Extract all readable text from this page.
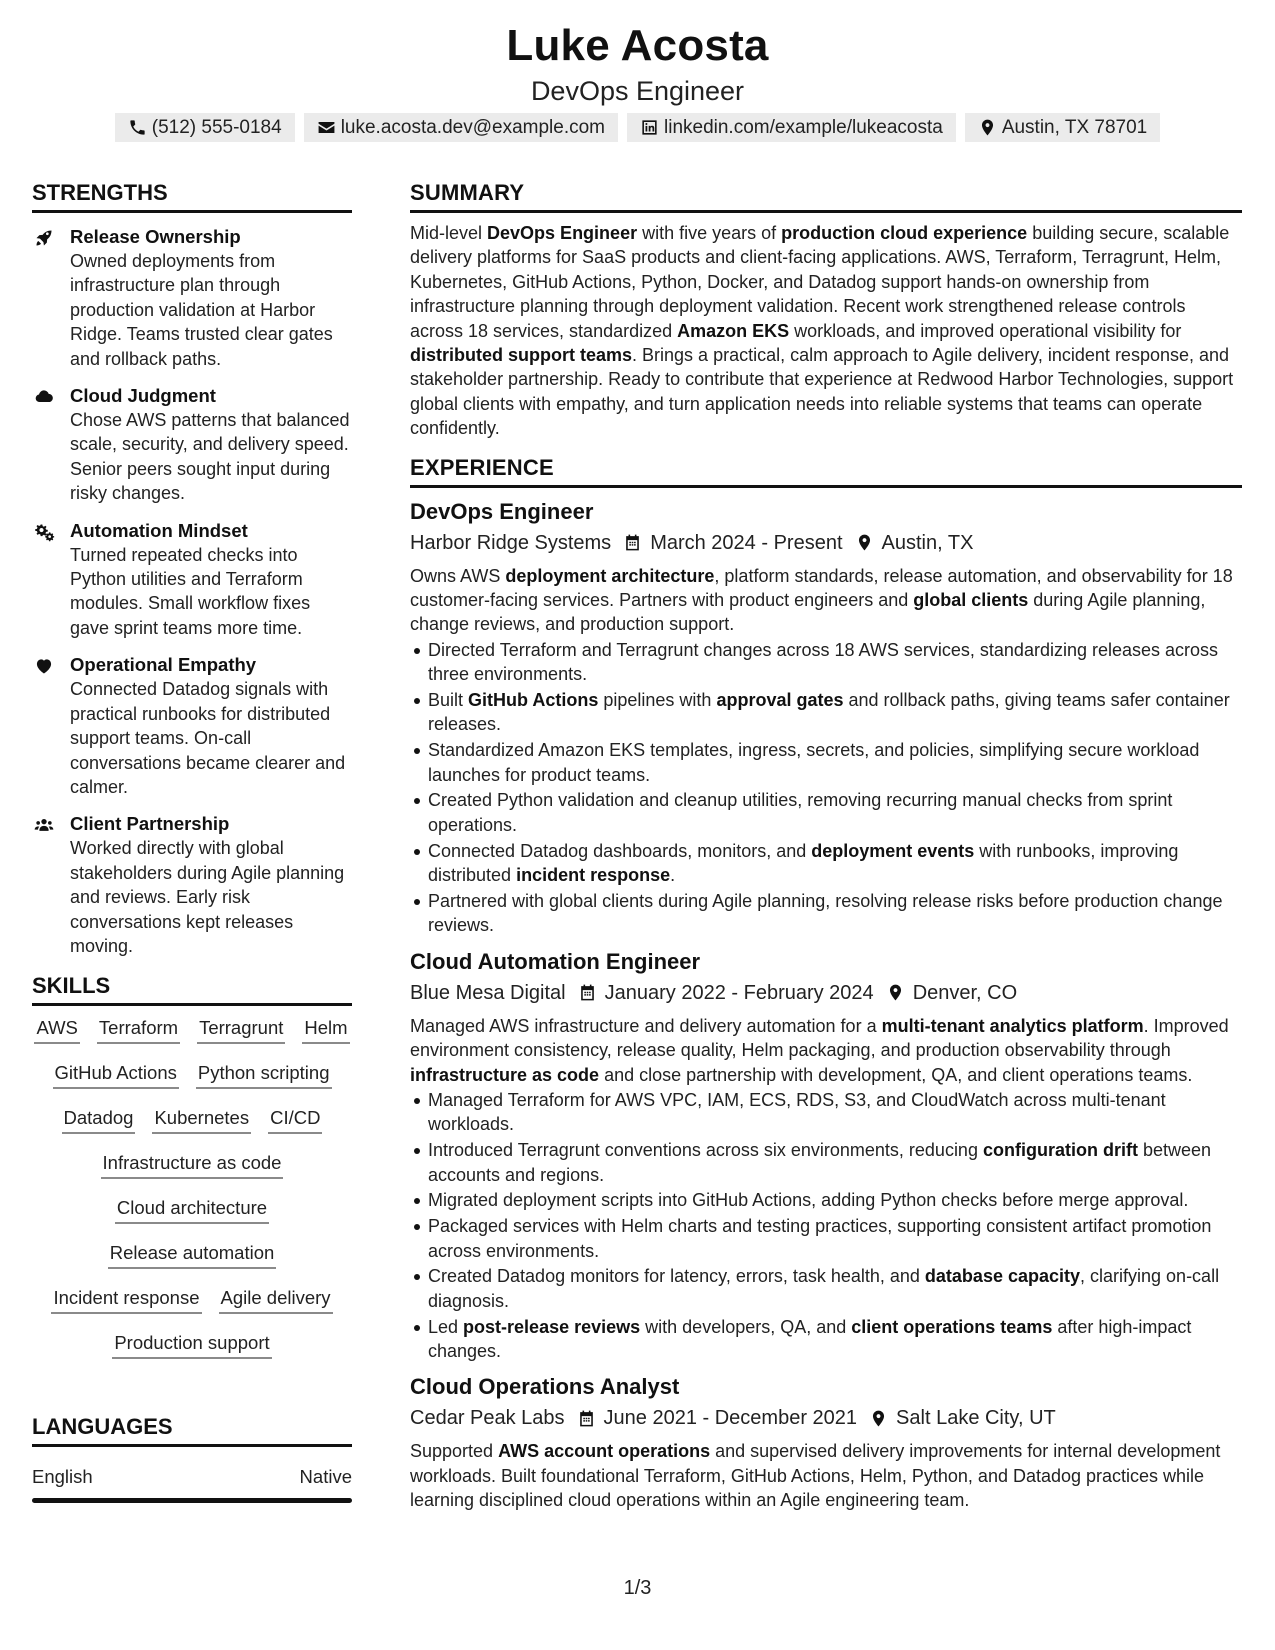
Luke Acosta
DevOps Engineer
(512) 555-0184	luke.acosta.dev@example.com	linkedin.com/example/lukeacosta	Austin, TX 78701
STRENGTHS
Release Ownership
Owned deployments from infrastructure plan through production validation at Harbor Ridge. Teams trusted clear gates and rollback paths.
Cloud Judgment
Chose AWS patterns that balanced scale, security, and delivery speed. Senior peers sought input during risky changes.
Automation Mindset
Turned repeated checks into Python utilities and Terraform modules. Small workflow fixes gave sprint teams more time.
Operational Empathy
Connected Datadog signals with practical runbooks for distributed support teams. On-call conversations became clearer and calmer.
Client Partnership
Worked directly with global stakeholders during Agile planning and reviews. Early risk conversations kept releases moving.
SKILLS
AWS Terraform Terragrunt Helm
GitHub Actions Python scripting
Datadog Kubernetes CI/CD
Infrastructure as code
Cloud architecture
Release automation
Incident response Agile delivery
Production support
LANGUAGES
English	Native
SUMMARY
Mid-level DevOps Engineer with five years of production cloud experience building secure, scalable delivery platforms for SaaS products and client-facing applications. AWS, Terraform, Terragrunt, Helm, Kubernetes, GitHub Actions, Python, Docker, and Datadog support hands-on ownership from infrastructure planning through deployment validation. Recent work strengthened release controls across 18 services, standardized Amazon EKS workloads, and improved operational visibility for distributed support teams. Brings a practical, calm approach to Agile delivery, incident response, and stakeholder partnership. Ready to contribute that experience at Redwood Harbor Technologies, support global clients with empathy, and turn application needs into reliable systems that teams can operate confidently.
EXPERIENCE
DevOps Engineer
Harbor Ridge Systems March 2024 - Present Austin, TX
Owns AWS deployment architecture, platform standards, release automation, and observability for 18 customer-facing services. Partners with product engineers and global clients during Agile planning, change reviews, and production support.
Directed Terraform and Terragrunt changes across 18 AWS services, standardizing releases across three environments.
Built GitHub Actions pipelines with approval gates and rollback paths, giving teams safer container releases.
Standardized Amazon EKS templates, ingress, secrets, and policies, simplifying secure workload launches for product teams.
Created Python validation and cleanup utilities, removing recurring manual checks from sprint operations.
Connected Datadog dashboards, monitors, and deployment events with runbooks, improving distributed incident response.
Partnered with global clients during Agile planning, resolving release risks before production change reviews.
Cloud Automation Engineer
Blue Mesa Digital January 2022 - February 2024 Denver, CO
Managed AWS infrastructure and delivery automation for a multi-tenant analytics platform. Improved environment consistency, release quality, Helm packaging, and production observability through infrastructure as code and close partnership with development, QA, and client operations teams.
Managed Terraform for AWS VPC, IAM, ECS, RDS, S3, and CloudWatch across multi-tenant workloads.
Introduced Terragrunt conventions across six environments, reducing configuration drift between accounts and regions.
Migrated deployment scripts into GitHub Actions, adding Python checks before merge approval.
Packaged services with Helm charts and testing practices, supporting consistent artifact promotion across environments.
Created Datadog monitors for latency, errors, task health, and database capacity, clarifying on-call diagnosis.
Led post-release reviews with developers, QA, and client operations teams after high-impact changes.
Cloud Operations Analyst
Cedar Peak Labs June 2021 - December 2021 Salt Lake City, UT
Supported AWS account operations and supervised delivery improvements for internal development workloads. Built foundational Terraform, GitHub Actions, Helm, Python, and Datadog practices while learning disciplined cloud operations within an Agile engineering team.
1/3
